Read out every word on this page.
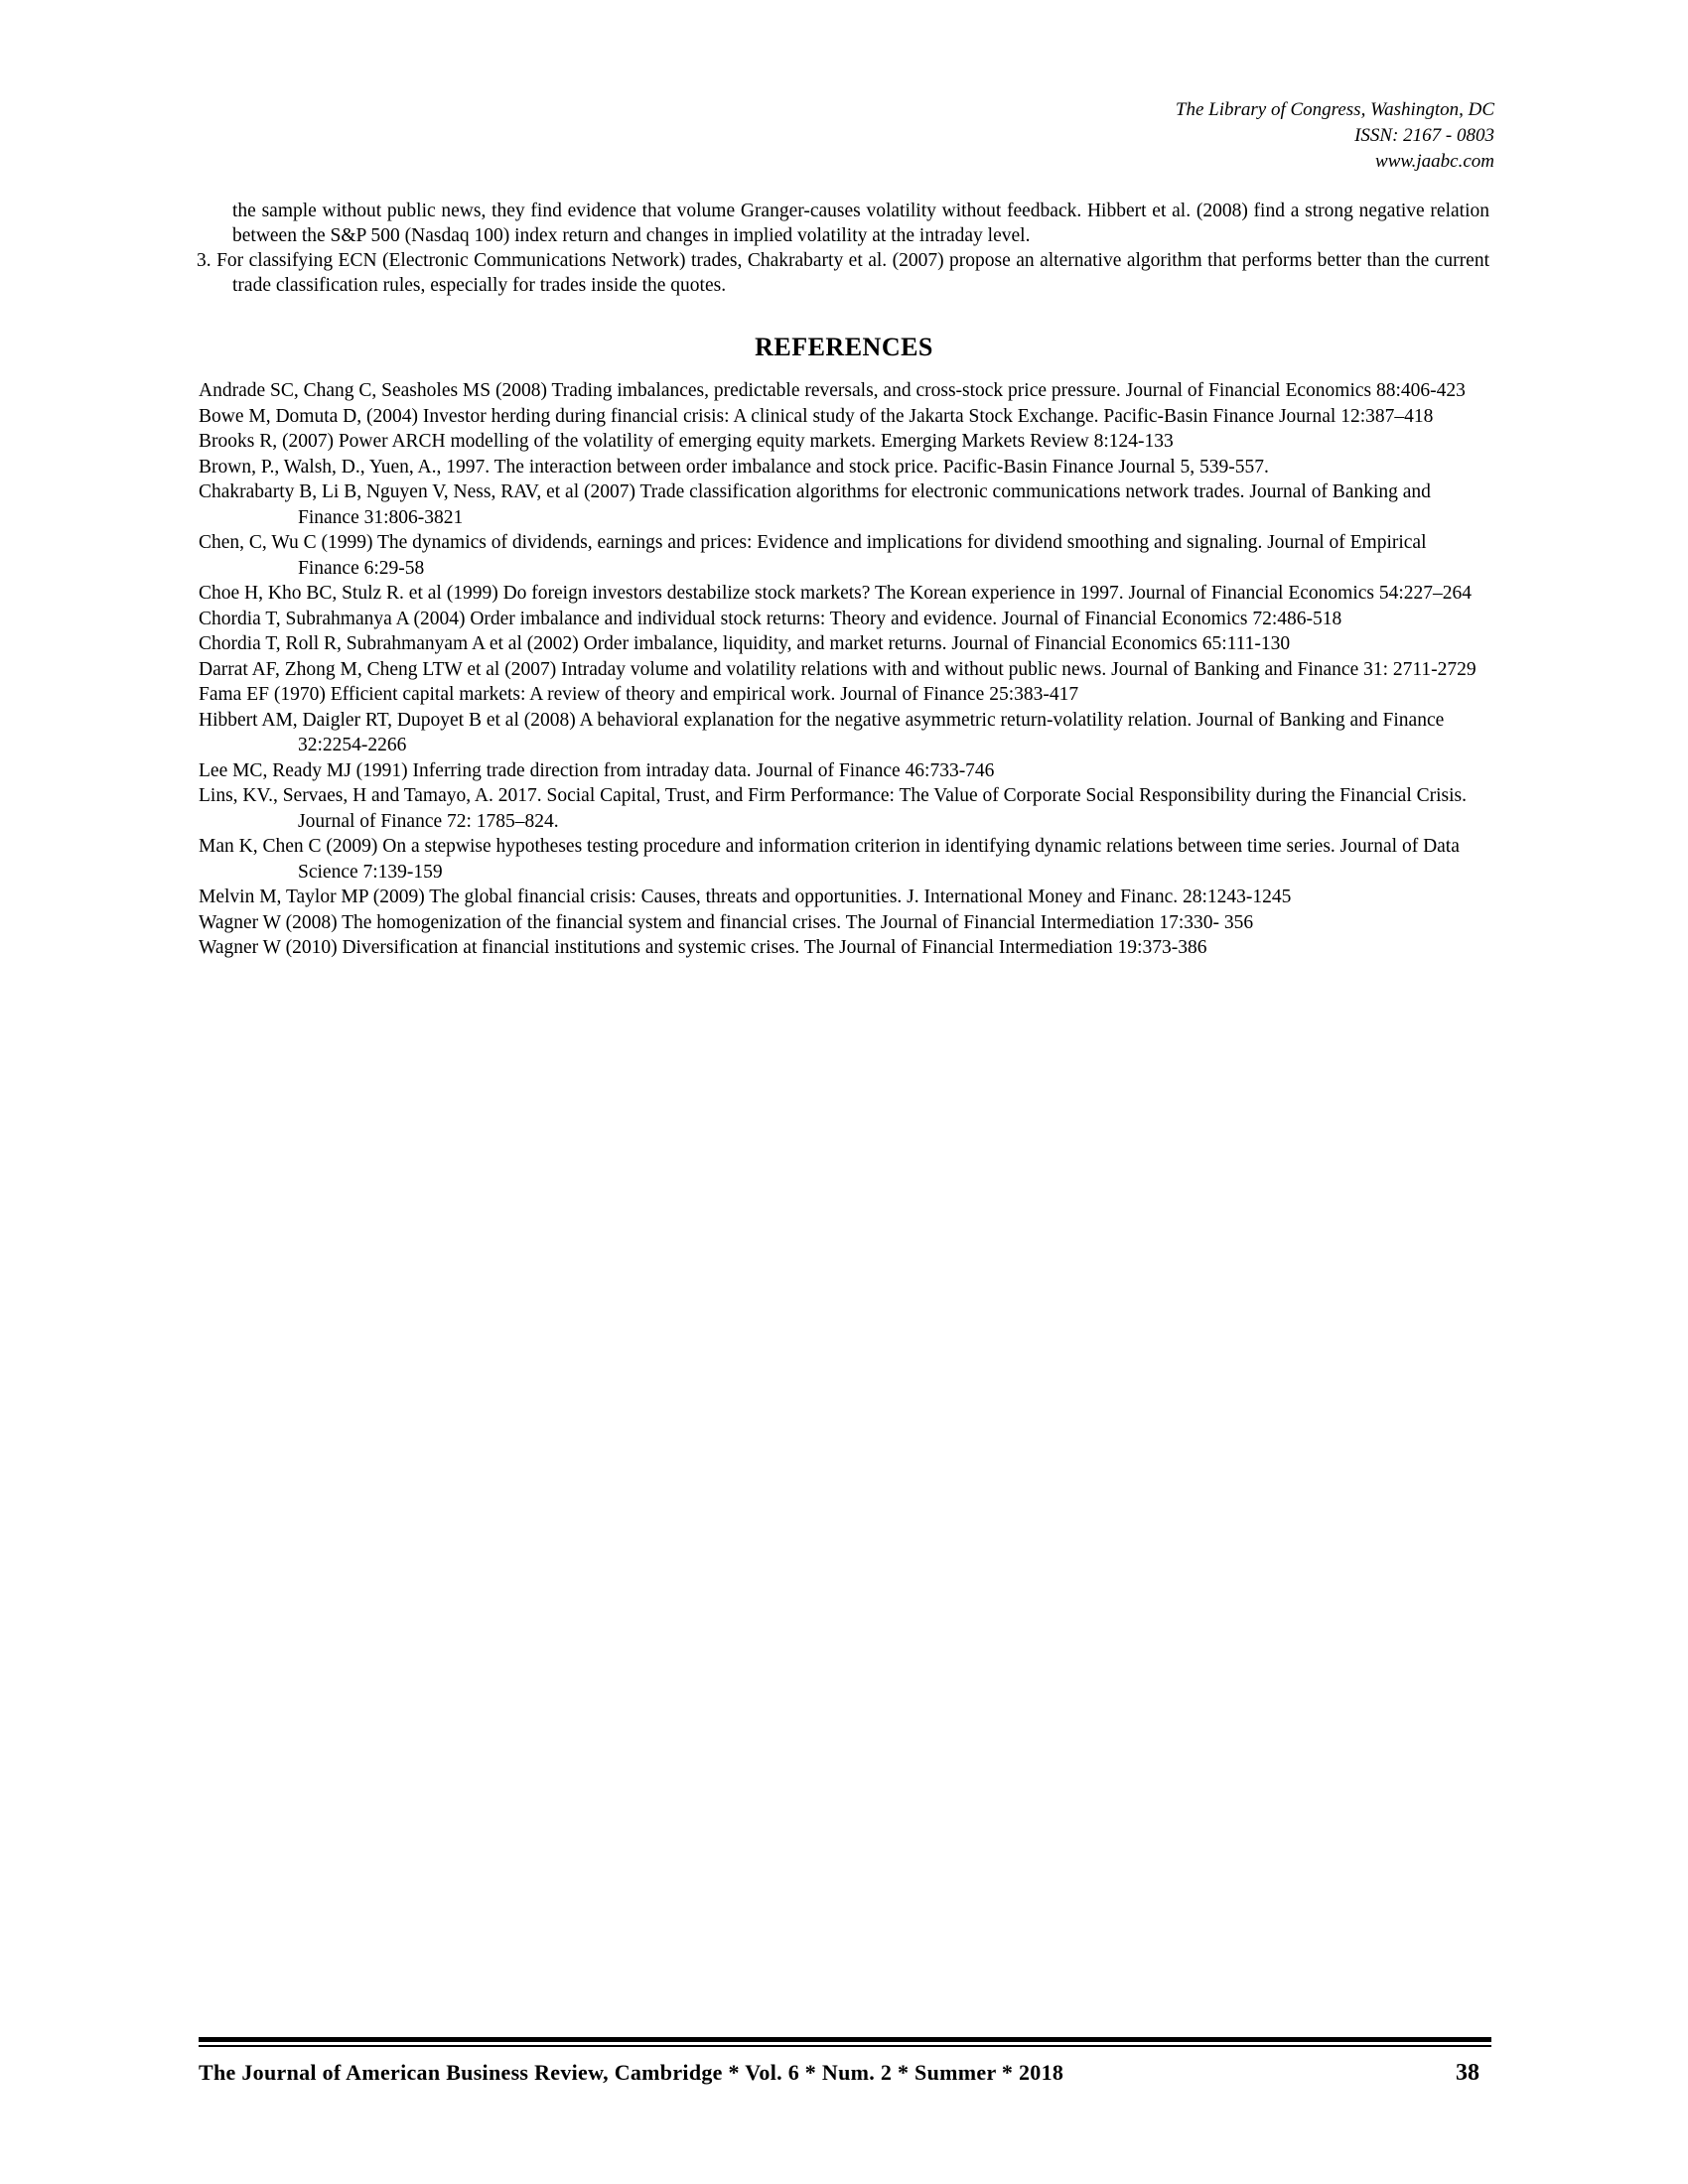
The Library of Congress, Washington, DC
ISSN: 2167 - 0803
www.jaabc.com
the sample without public news, they find evidence that volume Granger-causes volatility without feedback. Hibbert et al. (2008) find a strong negative relation between the S&P 500 (Nasdaq 100) index return and changes in implied volatility at the intraday level.
3. For classifying ECN (Electronic Communications Network) trades, Chakrabarty et al. (2007) propose an alternative algorithm that performs better than the current trade classification rules, especially for trades inside the quotes.
REFERENCES
Andrade SC, Chang C, Seasholes MS (2008) Trading imbalances, predictable reversals, and cross-stock price pressure. Journal of Financial Economics 88:406-423
Bowe M, Domuta D, (2004) Investor herding during financial crisis: A clinical study of the Jakarta Stock Exchange. Pacific-Basin Finance Journal 12:387–418
Brooks R, (2007) Power ARCH modelling of the volatility of emerging equity markets. Emerging Markets Review 8:124-133
Brown, P., Walsh, D., Yuen, A., 1997. The interaction between order imbalance and stock price. Pacific-Basin Finance Journal 5, 539-557.
Chakrabarty B, Li B, Nguyen V, Ness, RAV, et al (2007) Trade classification algorithms for electronic communications network trades. Journal of Banking and Finance 31:806-3821
Chen, C, Wu C (1999) The dynamics of dividends, earnings and prices: Evidence and implications for dividend smoothing and signaling. Journal of Empirical Finance 6:29-58
Choe H, Kho BC, Stulz R. et al (1999) Do foreign investors destabilize stock markets? The Korean experience in 1997. Journal of Financial Economics 54:227–264
Chordia T, Subrahmanya A (2004) Order imbalance and individual stock returns: Theory and evidence. Journal of Financial Economics 72:486-518
Chordia T, Roll R, Subrahmanyam A et al (2002) Order imbalance, liquidity, and market returns. Journal of Financial Economics 65:111-130
Darrat AF, Zhong M, Cheng LTW et al (2007) Intraday volume and volatility relations with and without public news. Journal of Banking and Finance 31: 2711-2729
Fama EF (1970) Efficient capital markets: A review of theory and empirical work. Journal of Finance 25:383-417
Hibbert AM, Daigler RT, Dupoyet B et al (2008) A behavioral explanation for the negative asymmetric return-volatility relation. Journal of Banking and Finance 32:2254-2266
Lee MC, Ready MJ (1991) Inferring trade direction from intraday data. Journal of Finance 46:733-746
Lins, KV., Servaes, H and Tamayo, A. 2017. Social Capital, Trust, and Firm Performance: The Value of Corporate Social Responsibility during the Financial Crisis. Journal of Finance 72: 1785–824.
Man K, Chen C (2009) On a stepwise hypotheses testing procedure and information criterion in identifying dynamic relations between time series. Journal of Data Science 7:139-159
Melvin M, Taylor MP (2009) The global financial crisis: Causes, threats and opportunities. J. International Money and Financ. 28:1243-1245
Wagner W (2008) The homogenization of the financial system and financial crises. The Journal of Financial Intermediation 17:330- 356
Wagner W (2010) Diversification at financial institutions and systemic crises. The Journal of Financial Intermediation 19:373-386
The Journal of American Business Review, Cambridge * Vol. 6 * Num. 2 * Summer * 2018	38
